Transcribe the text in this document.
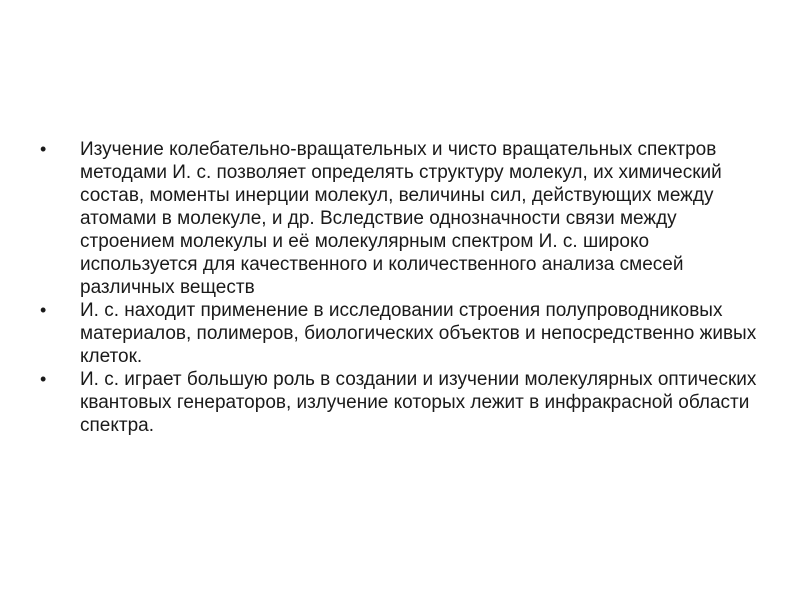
•	Изучение колебательно-вращательных и чисто вращательных спектров методами И. с. позволяет определять структуру молекул, их химический состав, моменты инерции молекул, величины сил, действующих между атомами в молекуле, и др. Вследствие однозначности связи между строением молекулы и её молекулярным спектром И. с. широко используется для качественного и количественного анализа смесей различных веществ
•	И. с. находит применение в исследовании строения полупроводниковых материалов, полимеров, биологических объектов и непосредственно живых клеток.
•	И. с. играет большую роль в создании и изучении молекулярных оптических квантовых генераторов, излучение которых лежит в инфракрасной области спектра.
